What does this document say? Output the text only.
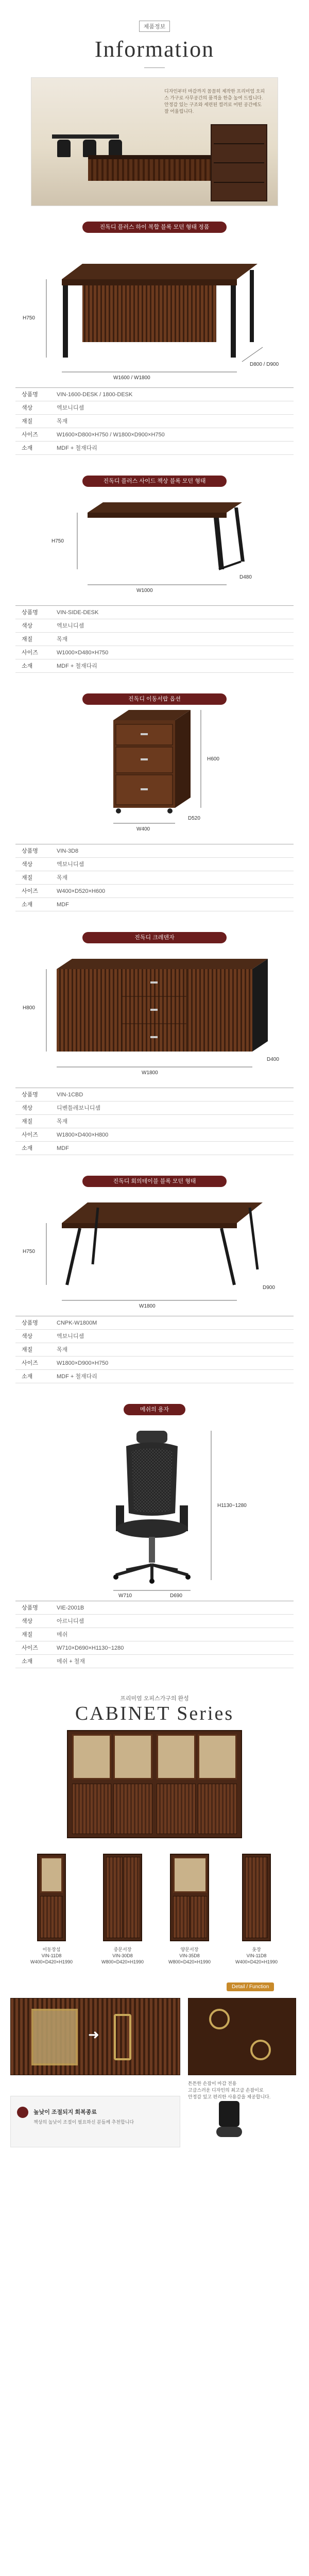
제품정보
Information
디자인부터 마감까지 꼼꼼히 제작한 프리미엄 오피스 가구로 사무공간의 품격을 한층 높여 드립니다. 안정감 있는 구조와 세련된 컬러로 어떤 공간에도 잘 어울립니다.
진독디 플러스 하이 복합 블록 모던 형태 정품
H750
W1600 / W1800
D800 / D900
상품명	VIN-1600-DESK / 1800-DESK
색상	엑보니디셈
재질	목재
사이즈	W1600×D800×H750 / W1800×D900×H750
소재	MDF + 철재다리
진독디 플러스 사이드 책상 블록 모던 형태
H750
W1000
D480
상품명	VIN-SIDE-DESK
색상	엑보니디셈
재질	목재
사이즈	W1000×D480×H750
소재	MDF + 철재다리
진독디 이동서랍 옵션
H600
W400
D520
상품명	VIN-3D8
색상	엑보니디셈
재질	목재
사이즈	W400×D520×H600
소재	MDF
진독디 크레덴자
H800
W1800
D400
상품명	VIN-1CBD
색상	디벤틀레보니디셈
재질	목재
사이즈	W1800×D400×H800
소재	MDF
진독디 회의테이블 블록 모던 형태
H750
W1800
D900
상품명	CNPK-W1800M
색상	엑보니디셈
재질	목재
사이즈	W1800×D900×H750
소재	MDF + 철재다리
메쉬의 용자
H1130~1280
W710	D690
상품명	VIE-2001B
색상	아르니디셈
재질	메쉬
사이즈	W710×D690×H1130~1280
소재	메쉬 + 철재
프리미엄 오피스가구의 완성
CABINET Series
이동장섬
VIN-11D8
W400×D420×H1990
중문서장
VIN-30D8
W800×D420×H1990
양문서장
VIN-35D8
W800×D420×H1990
옷장
VIN-11D8
W400×D420×H1990
Detail / Function
➜
튼튼한 손잡이 마감 전용
고급스러운 디자인의 최고급 손잡이로
안정감 있고 편리한 사용감을 제공합니다.
높낮이 조절되지 회복종료
책상의 높낮이 조절이 필요하신 분들께 추천합니다
